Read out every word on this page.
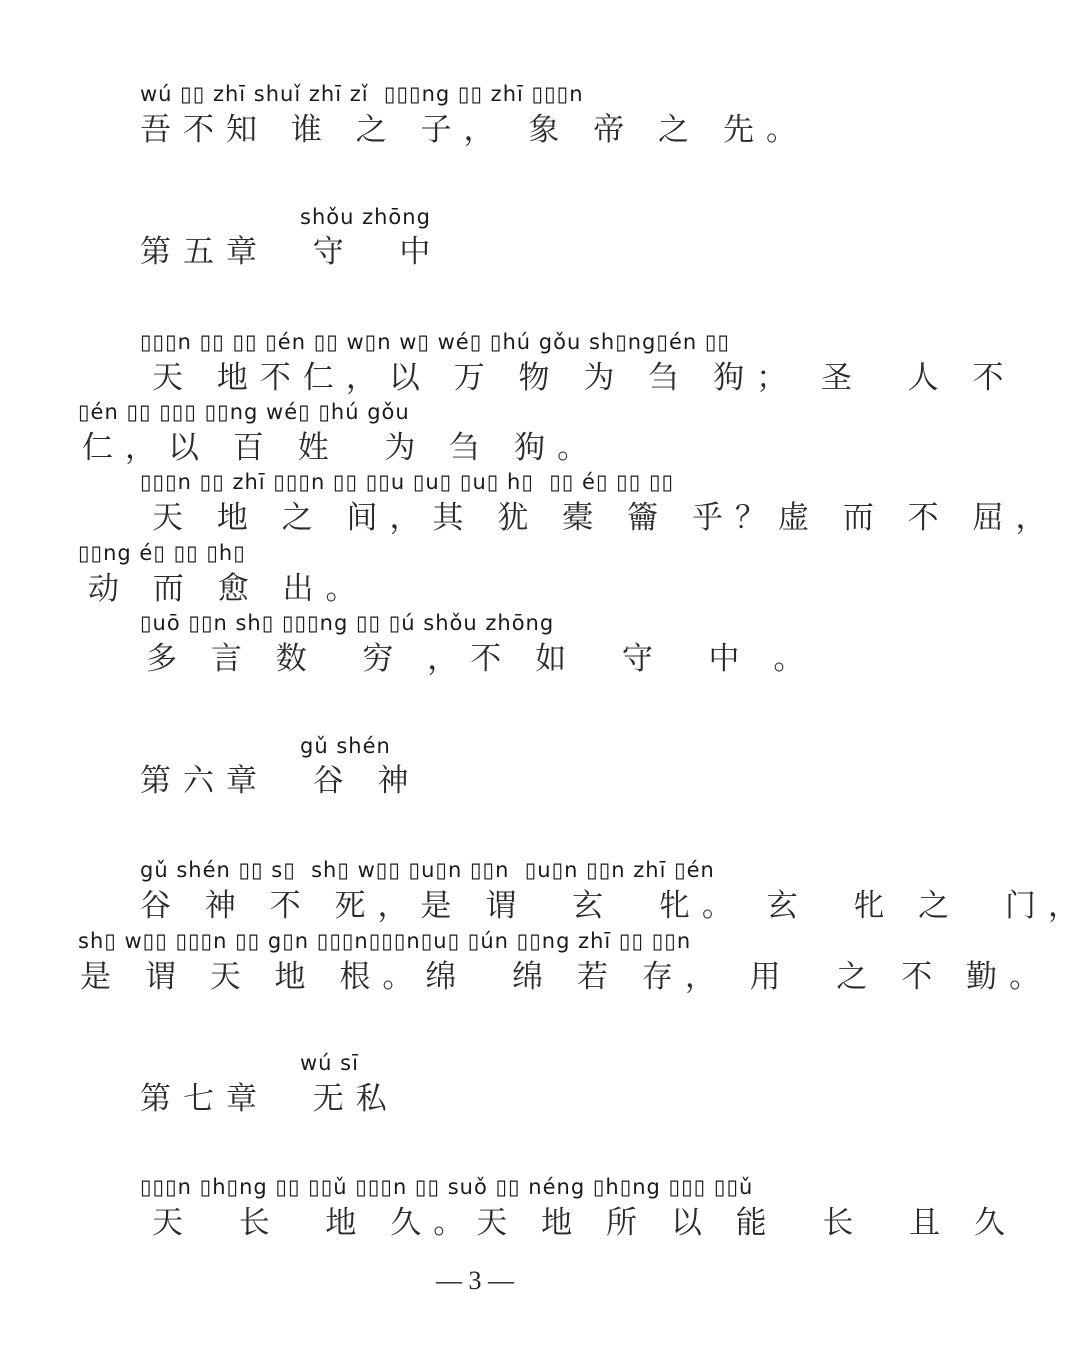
wú ▯▯ zhī shuǐ zhī zǐ  ▯▯▯ng ▯▯ zhī ▯▯▯n
吾不知 谁 之 子， 象 帝 之 先。
shǒu zhōng
第五章  守  中
▯▯▯n ▯▯ ▯▯ ▯én ▯▯ w▯n w▯ wé▯ ▯hú gǒu sh▯ng▯én ▯▯
天 地不仁，以 万 物 为 刍 狗； 圣  人 不
▯én ▯▯ ▯▯▯ ▯▯ng wé▯ ▯hú gǒu
仁，以 百 姓  为 刍 狗。
▯▯▯n ▯▯ zhī ▯▯▯n ▯▯ ▯▯u ▯u▯ ▯u▯ h▯  ▯▯ é▯ ▯▯ ▯▯
天 地 之 间，其 犹 橐 籥 乎？虚 而 不 屈，
▯▯ng é▯ ▯▯ ▯h▯
动 而 愈 出。
▯uō ▯▯n sh▯ ▯▯▯ng ▯▯ ▯ú shǒu zhōng
多 言 数  穷 ，不 如  守  中 。
gǔ shén
第六章  谷 神
gǔ shén ▯▯ s▯  sh▯ w▯▯ ▯u▯n ▯▯n  ▯u▯n ▯▯n zhī ▯én
谷 神 不 死，是 谓  玄  牝。 玄  牝 之  门，
sh▯ w▯▯ ▯▯▯n ▯▯ g▯n ▯▯▯n▯▯▯n▯u▯ ▯ún ▯▯ng zhī ▯▯ ▯▯n
是 谓 天 地 根。绵  绵 若 存， 用  之 不 勤。
wú sī
第七章  无私
▯▯▯n ▯h▯ng ▯▯ ▯▯ǔ ▯▯▯n ▯▯ suǒ ▯▯ néng ▯h▯ng ▯▯▯ ▯▯ǔ
天  长  地 久。天 地 所 以 能  长  且 久
— 3 —
